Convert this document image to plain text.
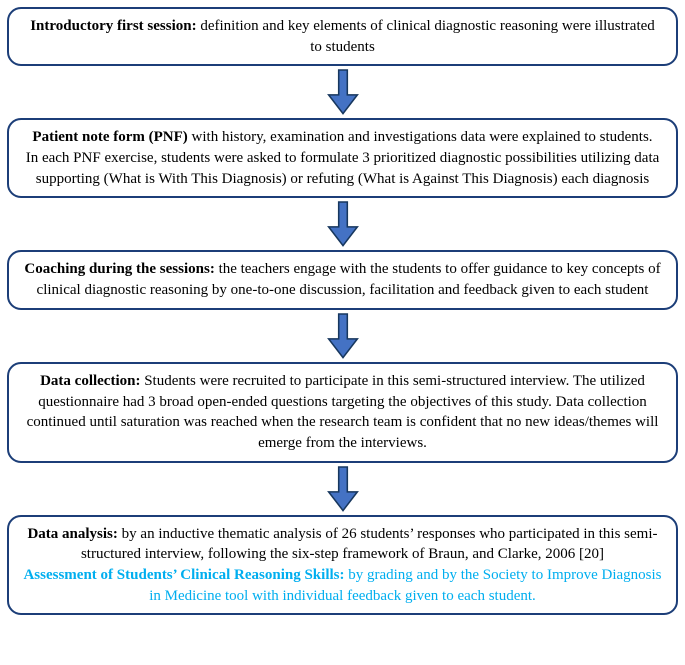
Introductory first session: definition and key elements of clinical diagnostic reasoning were illustrated to students

Patient note form (PNF) with history, examination and investigations data were explained to students.
In each PNF exercise, students were asked to formulate 3 prioritized diagnostic possibilities utilizing data supporting (What is With This Diagnosis) or refuting (What is Against This Diagnosis) each diagnosis

Coaching during the sessions: the teachers engage with the students to offer guidance to key concepts of clinical diagnostic reasoning by one-to-one discussion, facilitation and feedback given to each student

Data collection: Students were recruited to participate in this semi-structured interview. The utilized questionnaire had 3 broad open-ended questions targeting the objectives of this study. Data collection continued until saturation was reached when the research team is confident that no new ideas/themes will emerge from the interviews.

Data analysis: by an inductive thematic analysis of 26 students’ responses who participated in this semi-structured interview, following the six-step framework of Braun, and Clarke, 2006 [20]
Assessment of Students’ Clinical Reasoning Skills: by grading and by the Society to Improve Diagnosis in Medicine tool with individual feedback given to each student.
